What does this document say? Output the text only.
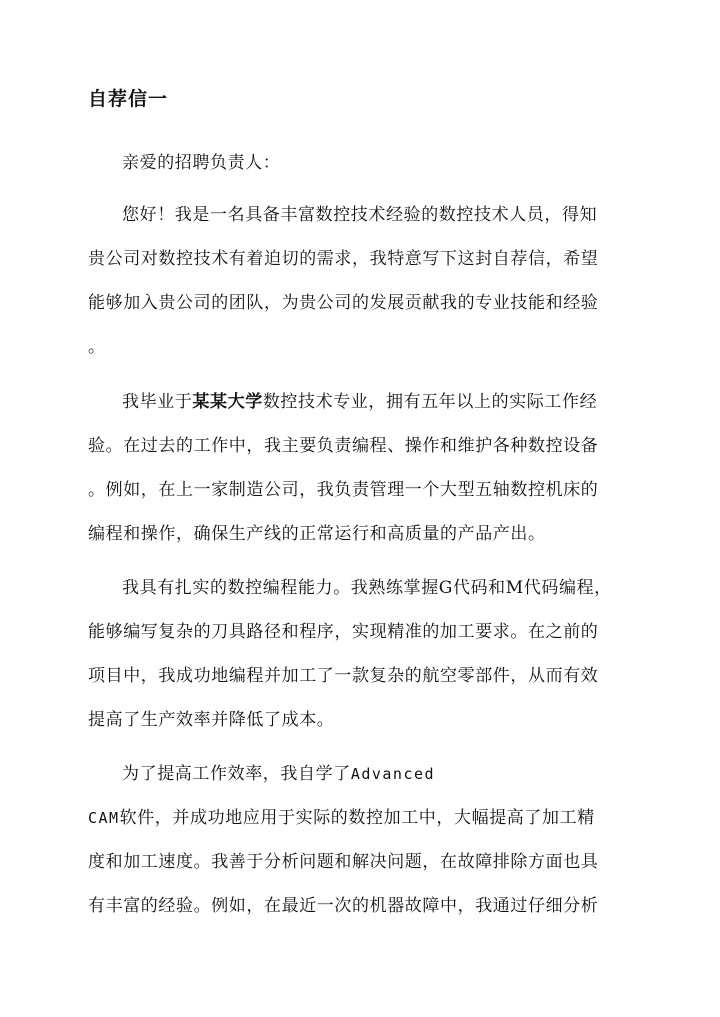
自荐信一

亲爱的招聘负责人：

您好！我是一名具备丰富数控技术经验的数控技术人员，得知
贵公司对数控技术有着迫切的需求，我特意写下这封自荐信，希望
能够加入贵公司的团队，为贵公司的发展贡献我的专业技能和经验
。

我毕业于某某大学数控技术专业，拥有五年以上的实际工作经
验。在过去的工作中，我主要负责编程、操作和维护各种数控设备
。例如，在上一家制造公司，我负责管理一个大型五轴数控机床的
编程和操作，确保生产线的正常运行和高质量的产品产出。

我具有扎实的数控编程能力。我熟练掌握G代码和M代码编程，
能够编写复杂的刀具路径和程序，实现精准的加工要求。在之前的
项目中，我成功地编程并加工了一款复杂的航空零部件，从而有效
提高了生产效率并降低了成本。

为了提高工作效率，我自学了Advanced
CAM软件，并成功地应用于实际的数控加工中，大幅提高了加工精
度和加工速度。我善于分析问题和解决问题，在故障排除方面也具
有丰富的经验。例如，在最近一次的机器故障中，我通过仔细分析
